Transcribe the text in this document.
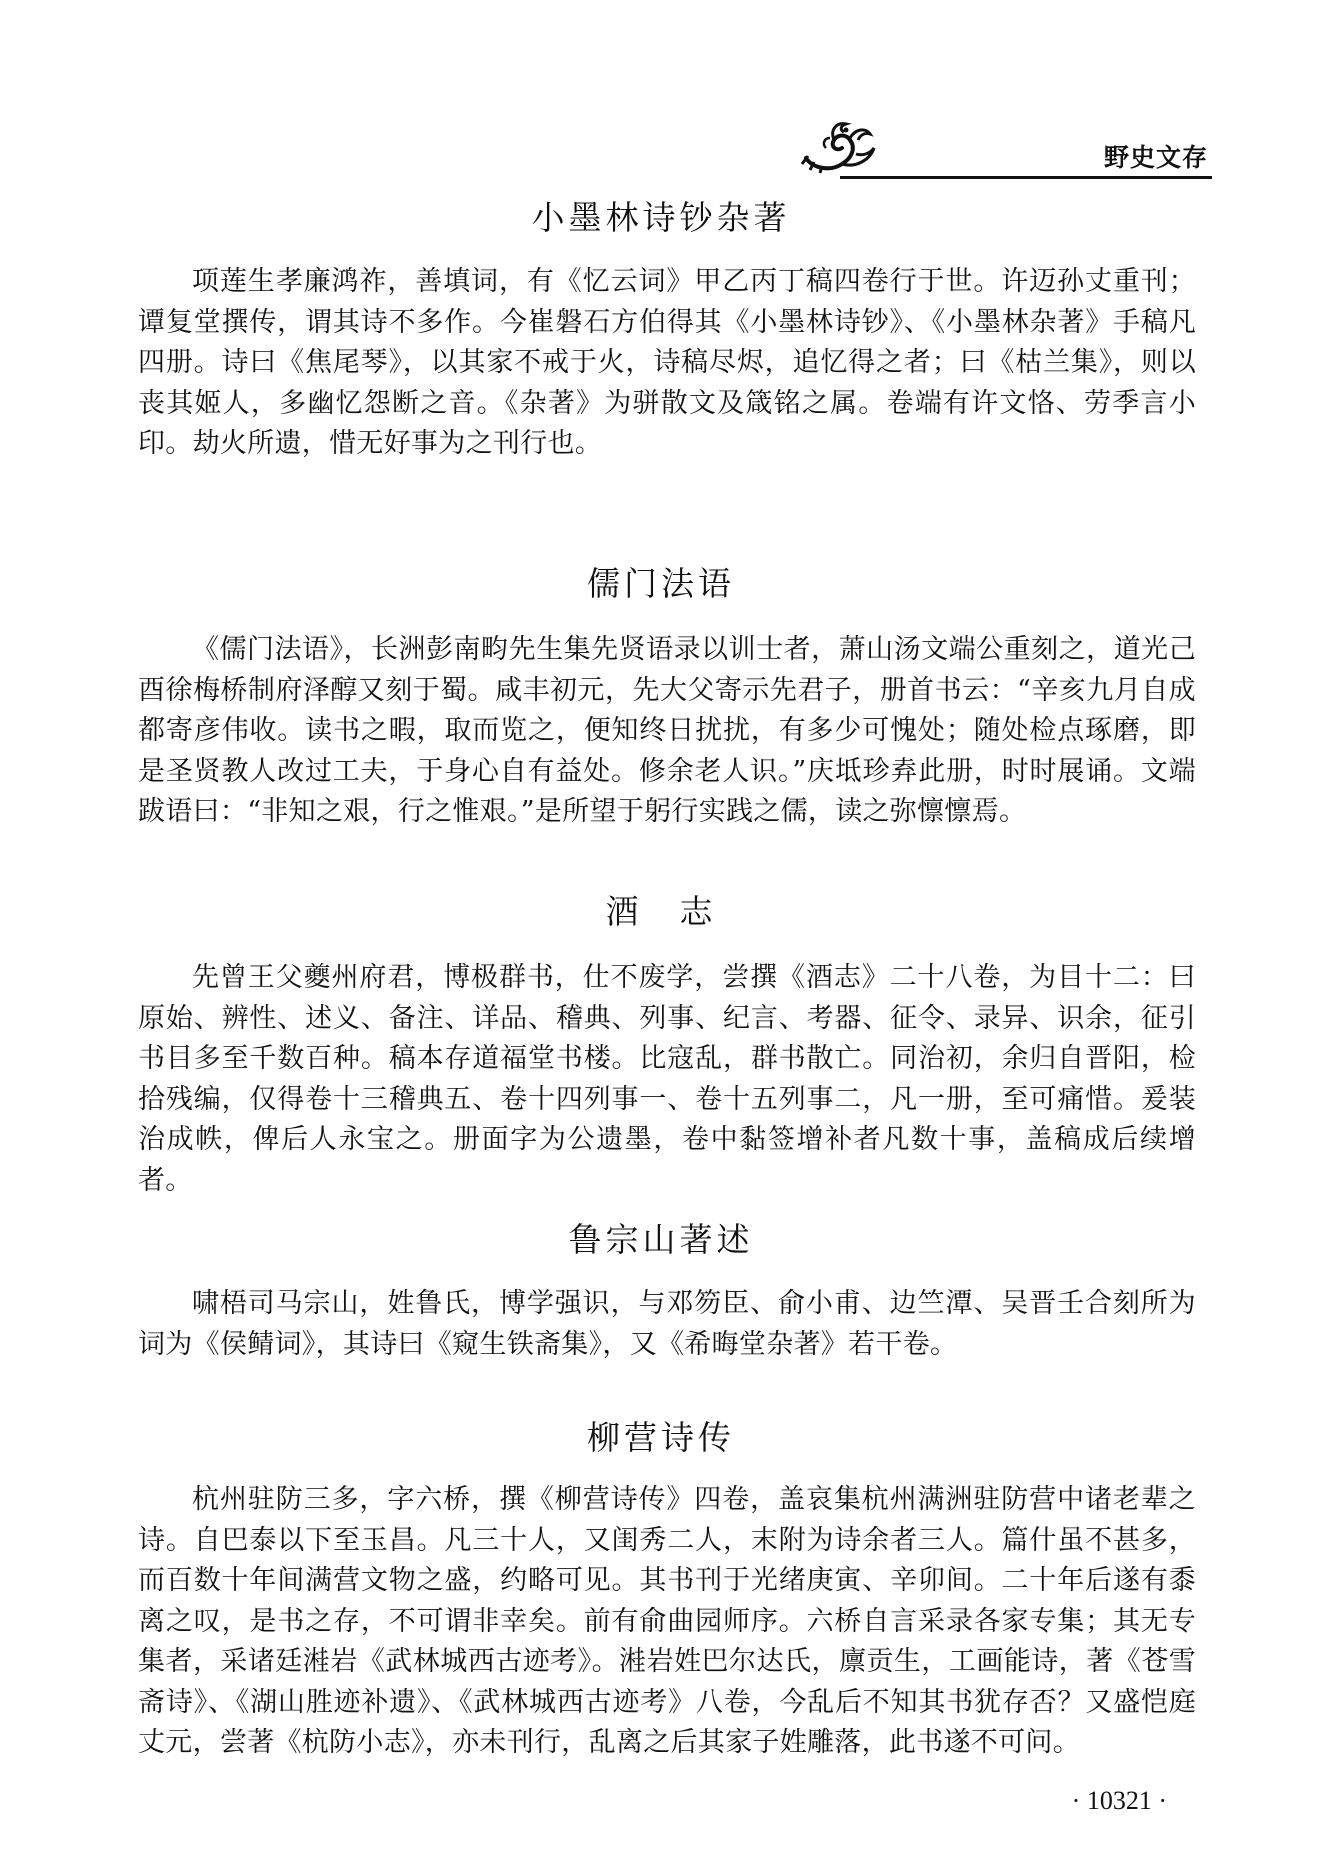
野史文存
小墨林诗钞杂著
项莲生孝廉鸿祚，善填词，有《忆云词》甲乙丙丁稿四卷行于世。许迈孙丈重刊；谭复堂撰传，谓其诗不多作。今崔磐石方伯得其《小墨林诗钞》、《小墨林杂著》手稿凡四册。诗曰《焦尾琴》，以其家不戒于火，诗稿尽烬，追忆得之者；曰《枯兰集》，则以丧其姬人，多幽忆怨断之音。《杂著》为骈散文及箴铭之属。卷端有许文恪、劳季言小印。劫火所遗，惜无好事为之刊行也。
儒门法语
《儒门法语》，长洲彭南畇先生集先贤语录以训士者，萧山汤文端公重刻之，道光己酉徐梅桥制府泽醇又刻于蜀。咸丰初元，先大父寄示先君子，册首书云：“辛亥九月自成都寄彦伟收。读书之暇，取而览之，便知终日扰扰，有多少可愧处；随处检点琢磨，即是圣贤教人改过工夫，于身心自有益处。修余老人识。”庆坻珍弆此册，时时展诵。文端跋语曰：“非知之艰，行之惟艰。”是所望于躬行实践之儒，读之弥懔懔焉。
酒　志
先曾王父夔州府君，博极群书，仕不废学，尝撰《酒志》二十八卷，为目十二：曰原始、辨性、述义、备注、详品、稽典、列事、纪言、考器、征令、录异、识余，征引书目多至千数百种。稿本存道福堂书楼。比寇乱，群书散亡。同治初，余归自晋阳，检拾残编，仅得卷十三稽典五、卷十四列事一、卷十五列事二，凡一册，至可痛惜。爰装治成帙，俾后人永宝之。册面字为公遗墨，卷中黏签增补者凡数十事，盖稿成后续增者。
鲁宗山著述
啸梧司马宗山，姓鲁氏，博学强识，与邓笏臣、俞小甫、边竺潭、吴晋壬合刻所为词为《侯鲭词》，其诗曰《窥生铁斋集》，又《希晦堂杂著》若干卷。
柳营诗传
杭州驻防三多，字六桥，撰《柳营诗传》四卷，盖哀集杭州满洲驻防营中诸老辈之诗。自巴泰以下至玉昌。凡三十人，又闺秀二人，末附为诗余者三人。篇什虽不甚多，而百数十年间满营文物之盛，约略可见。其书刊于光绪庚寅、辛卯间。二十年后遂有黍离之叹，是书之存，不可谓非幸矣。前有俞曲园师序。六桥自言采录各家专集；其无专集者，采诸廷溎岩《武林城西古迹考》。溎岩姓巴尔达氏，廪贡生，工画能诗，著《苍雪斋诗》、《湖山胜迹补遗》、《武林城西古迹考》八卷，今乱后不知其书犹存否？又盛恺庭丈元，尝著《杭防小志》，亦未刊行，乱离之后其家子姓雕落，此书遂不可问。
· 10321 ·
